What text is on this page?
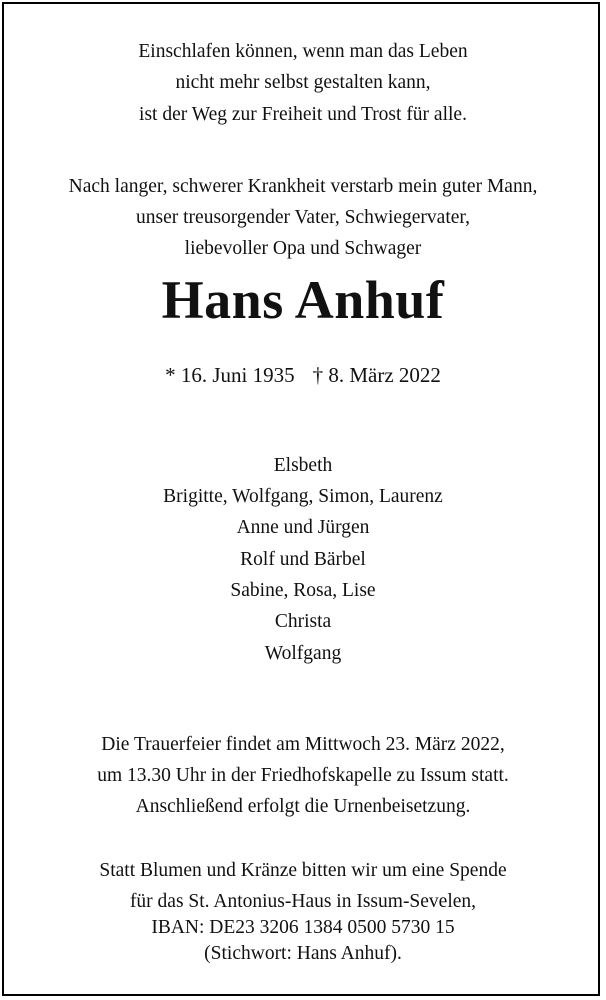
Einschlafen können, wenn man das Leben
nicht mehr selbst gestalten kann,
ist der Weg zur Freiheit und Trost für alle.
Nach langer, schwerer Krankheit verstarb mein guter Mann,
unser treusorgender Vater, Schwiegervater,
liebevoller Opa und Schwager
Hans Anhuf
* 16. Juni 1935 † 8. März 2022
Elsbeth
Brigitte, Wolfgang, Simon, Laurenz
Anne und Jürgen
Rolf und Bärbel
Sabine, Rosa, Lise
Christa
Wolfgang
Die Trauerfeier findet am Mittwoch 23. März 2022,
um 13.30 Uhr in der Friedhofskapelle zu Issum statt.
Anschließend erfolgt die Urnenbeisetzung.
Statt Blumen und Kränze bitten wir um eine Spende
für das St. Antonius-Haus in Issum-Sevelen,
IBAN: DE23 3206 1384 0500 5730 15
(Stichwort: Hans Anhuf).
